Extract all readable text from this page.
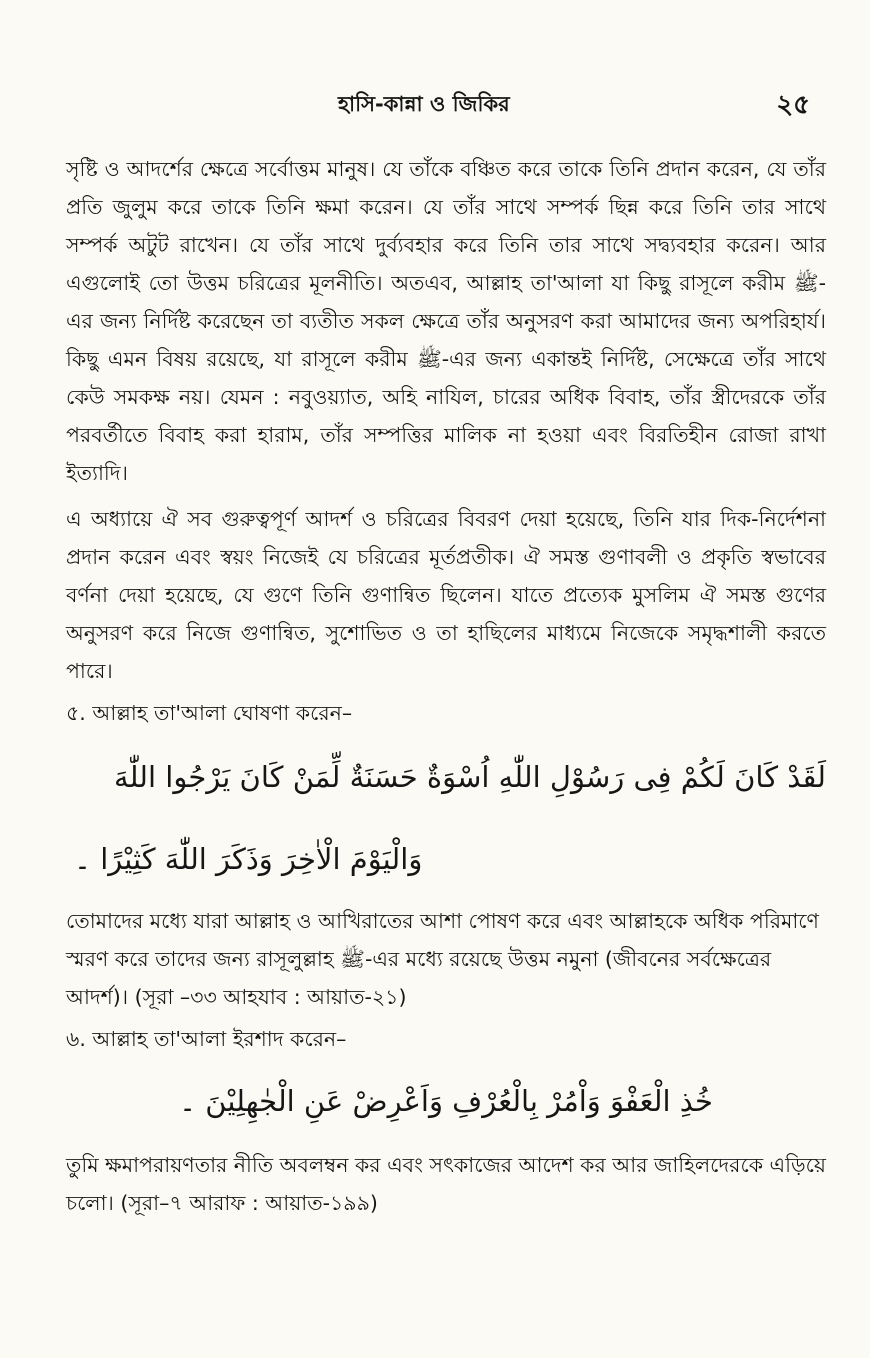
হাসি-কান্না ও জিকির	২৫

সৃষ্টি ও আদর্শের ক্ষেত্রে সর্বোত্তম মানুষ। যে তাঁকে বঞ্চিত করে তাকে তিনি প্রদান করেন, যে তাঁর প্রতি জুলুম করে তাকে তিনি ক্ষমা করেন। যে তাঁর সাথে সম্পর্ক ছিন্ন করে তিনি তার সাথে সম্পর্ক অটুট রাখেন। যে তাঁর সাথে দুর্ব্যবহার করে তিনি তার সাথে সদ্ব্যবহার করেন। আর এগুলোই তো উত্তম চরিত্রের মূলনীতি। অতএব, আল্লাহ তা'আলা যা কিছু রাসূলে করীম ﷺ-এর জন্য নির্দিষ্ট করেছেন তা ব্যতীত সকল ক্ষেত্রে তাঁর অনুসরণ করা আমাদের জন্য অপরিহার্য। কিছু এমন বিষয় রয়েছে, যা রাসূলে করীম ﷺ-এর জন্য একান্তই নির্দিষ্ট, সেক্ষেত্রে তাঁর সাথে কেউ সমকক্ষ নয়। যেমন : নবুওয়্যাত, অহি নাযিল, চারের অধিক বিবাহ, তাঁর স্ত্রীদেরকে তাঁর পরবর্তীতে বিবাহ করা হারাম, তাঁর সম্পত্তির মালিক না হওয়া এবং বিরতিহীন রোজা রাখা ইত্যাদি।

এ অধ্যায়ে ঐ সব গুরুত্বপূর্ণ আদর্শ ও চরিত্রের বিবরণ দেয়া হয়েছে, তিনি যার দিক-নির্দেশনা প্রদান করেন এবং স্বয়ং নিজেই যে চরিত্রের মূর্তপ্রতীক। ঐ সমস্ত গুণাবলী ও প্রকৃতি স্বভাবের বর্ণনা দেয়া হয়েছে, যে গুণে তিনি গুণান্বিত ছিলেন। যাতে প্রত্যেক মুসলিম ঐ সমস্ত গুণের অনুসরণ করে নিজে গুণান্বিত, সুশোভিত ও তা হাছিলের মাধ্যমে নিজেকে সমৃদ্ধশালী করতে পারে।

৫. আল্লাহ তা'আলা ঘোষণা করেন–

لَقَدْ كَانَ لَكُمْ فِى رَسُوْلِ اللّٰهِ اُسْوَةٌ حَسَنَةٌ لِّمَنْ كَانَ يَرْجُوا اللّٰهَ

وَالْيَوْمَ الْاٰخِرَ وَذَكَرَ اللّٰهَ كَثِيْرًا ۔

তোমাদের মধ্যে যারা আল্লাহ ও আখিরাতের আশা পোষণ করে এবং আল্লাহকে অধিক পরিমাণে স্মরণ করে তাদের জন্য রাসূলুল্লাহ ﷺ-এর মধ্যে রয়েছে উত্তম নমুনা (জীবনের সর্বক্ষেত্রের আদর্শ)। (সূরা –৩৩ আহযাব : আয়াত-২১)

৬. আল্লাহ তা'আলা ইরশাদ করেন–

خُذِ الْعَفْوَ وَاْمُرْ بِالْعُرْفِ وَاَعْرِضْ عَنِ الْجٰهِلِيْنَ ۔

তুমি ক্ষমাপরায়ণতার নীতি অবলম্বন কর এবং সৎকাজের আদেশ কর আর জাহিলদেরকে এড়িয়ে চলো। (সূরা–৭ আরাফ : আয়াত-১৯৯)
